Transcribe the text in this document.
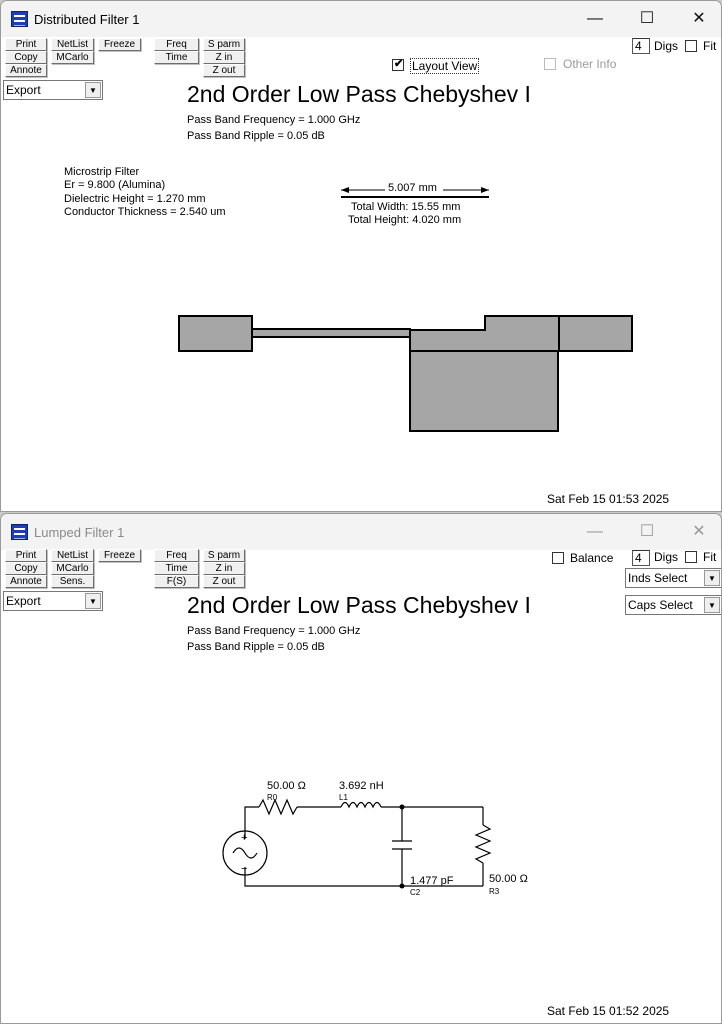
Distributed Filter 1	—	☐	✕
Print
Copy
Annote
NetList
MCarlo
Freeze	Freq
Time
S parm
Z in
Z out
✔ Layout View	Other Info
4	Digs Fit
Export	▼	2nd Order Low Pass Chebyshev I
Pass Band Frequency = 1.000 GHz
Pass Band Ripple = 0.05 dB
Microstrip Filter
Er = 9.800 (Alumina)
Dielectric Height = 1.270 mm
Conductor Thickness = 2.540 um
5.007 mm
Total Width: 15.55 mm
Total Height: 4.020 mm
Sat Feb 15 01:53 2025
Lumped Filter 1	—	☐	✕
Print
Copy
Annote
NetList
MCarlo
Sens.
Freeze	Freq
Time
F(S)
S parm
Z in
Z out
Balance 4	Digs Fit
Inds Select	▼
Caps Select	▼
Export	▼	2nd Order Low Pass Chebyshev I
Pass Band Frequency = 1.000 GHz
Pass Band Ripple = 0.05 dB
+
−
50.00 Ω
R0
3.692 nH
L1
1.477 pF
C2
50.00 Ω
R3
Sat Feb 15 01:52 2025
